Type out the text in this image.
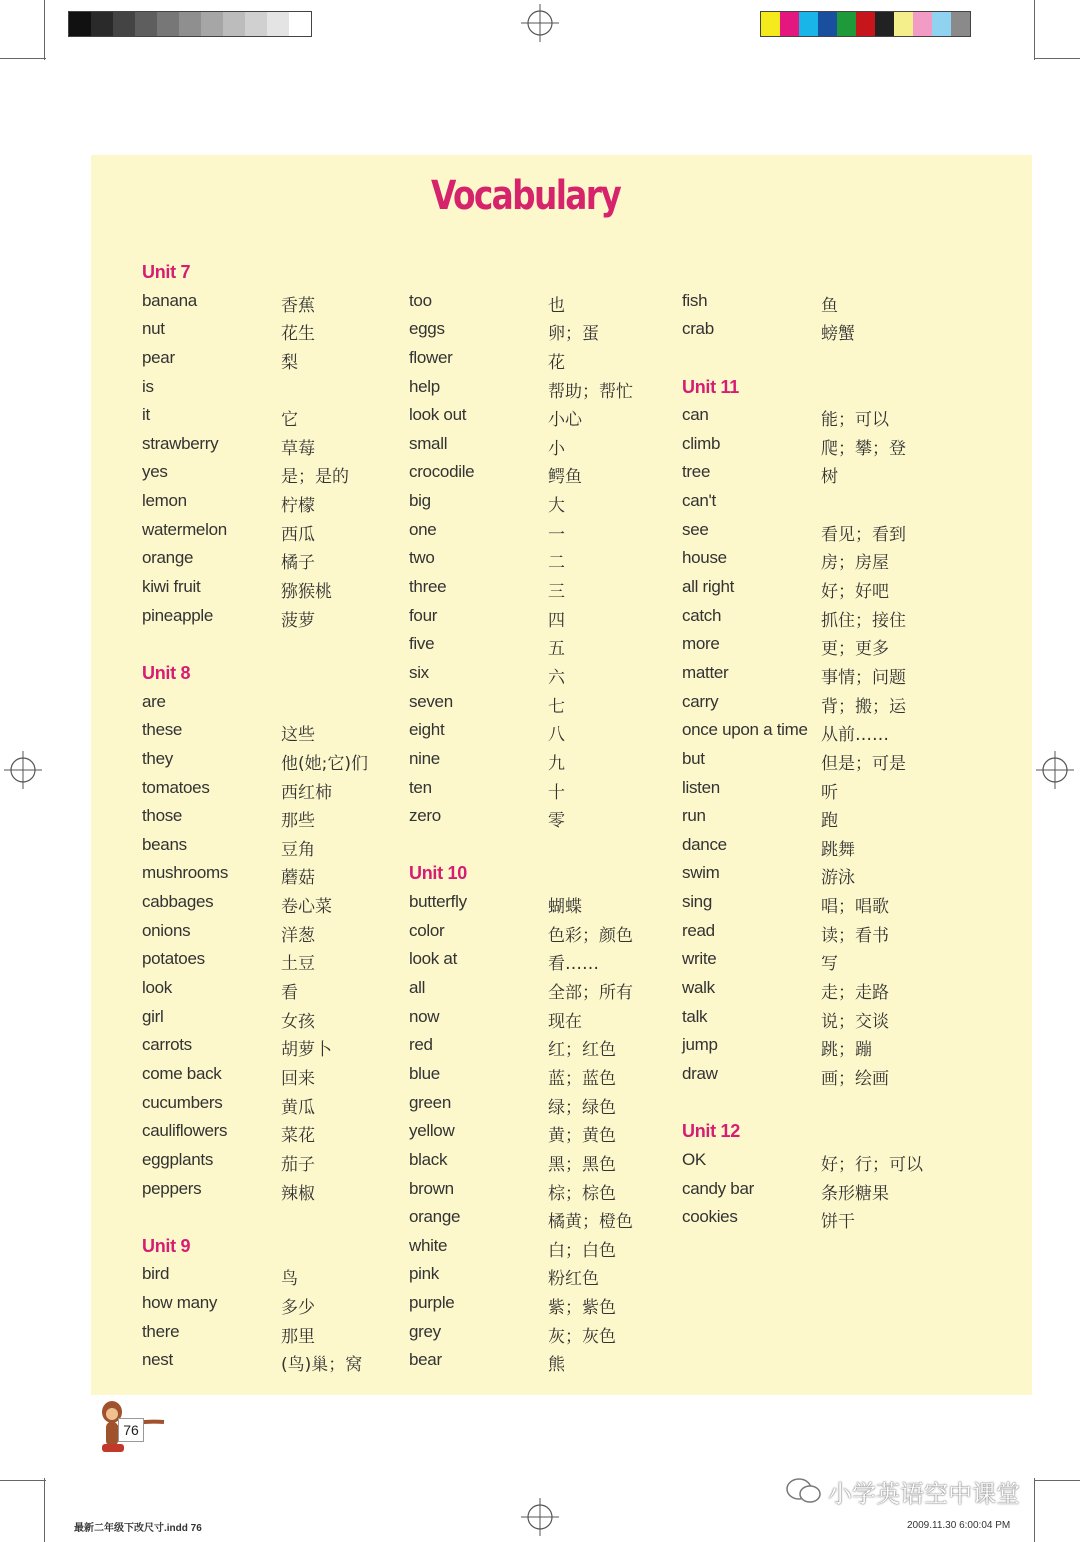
Vocabulary
Unit 7
banana	香蕉
nut	花生
pear	梨
is
it	它
strawberry	草莓
yes	是；是的
lemon	柠檬
watermelon	西瓜
orange	橘子
kiwi fruit	猕猴桃
pineapple	菠萝
Unit 8
are
these	这些
they	他(她;它)们
tomatoes	西红柿
those	那些
beans	豆角
mushrooms	蘑菇
cabbages	卷心菜
onions	洋葱
potatoes	土豆
look	看
girl	女孩
carrots	胡萝卜
come back	回来
cucumbers	黄瓜
cauliflowers	菜花
eggplants	茄子
peppers	辣椒
Unit 9
bird	鸟
how many	多少
there	那里
nest	(鸟)巢；窝
too	也
eggs	卵；蛋
flower	花
help	帮助；帮忙
look out	小心
small	小
crocodile	鳄鱼
big	大
one	一
two	二
three	三
four	四
five	五
six	六
seven	七
eight	八
nine	九
ten	十
zero	零
Unit 10
butterfly	蝴蝶
color	色彩；颜色
look at	看……
all	全部；所有
now	现在
red	红；红色
blue	蓝；蓝色
green	绿；绿色
yellow	黄；黄色
black	黑；黑色
brown	棕；棕色
orange	橘黄；橙色
white	白；白色
pink	粉红色
purple	紫；紫色
grey	灰；灰色
bear	熊
fish	鱼
crab	螃蟹
Unit 11
can	能；可以
climb	爬；攀；登
tree	树
can't
see	看见；看到
house	房；房屋
all right	好；好吧
catch	抓住；接住
more	更；更多
matter	事情；问题
carry	背；搬；运
once upon a time 从前……
but	但是；可是
listen	听
run	跑
dance	跳舞
swim	游泳
sing	唱；唱歌
read	读；看书
write	写
walk	走；走路
talk	说；交谈
jump	跳；蹦
draw	画；绘画
Unit 12
OK	好；行；可以
candy bar	条形糖果
cookies	饼干
76
小学英语空中课堂
最新二年级下改尺寸.indd 76	2009.11.30 6:00:04 PM
